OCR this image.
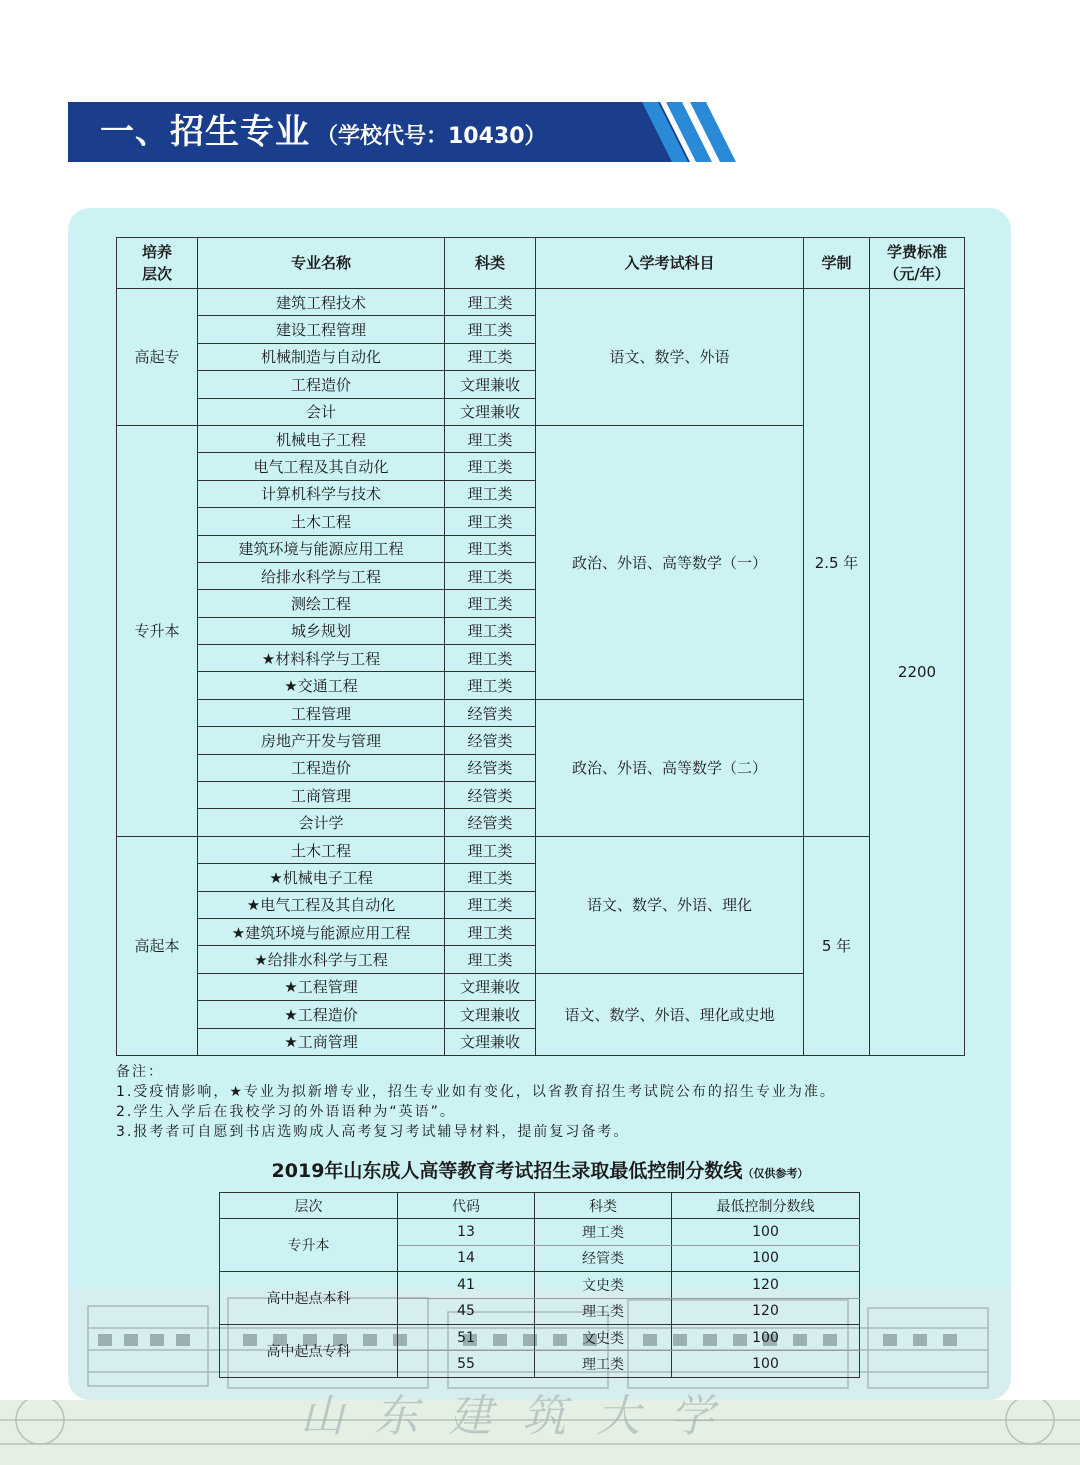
一、招生专业 （学校代号：10430）
山东建筑大学
培养层次	专业名称	科类	入学考试科目	学制	学费标准（元/年）

高起专	建筑工程技术	理工类	语文、数学、外语	2.5 年	2200
	建设工程管理	理工类			
	机械制造与自动化	理工类			
	工程造价	文理兼收			
	会计	文理兼收			
专升本	机械电子工程	理工类	政治、外语、高等数学（一）		
	电气工程及其自动化	理工类			
	计算机科学与技术	理工类			
	土木工程	理工类			
	建筑环境与能源应用工程	理工类			
	给排水科学与工程	理工类			
	测绘工程	理工类			
	城乡规划	理工类			
	★材料科学与工程	理工类			
	★交通工程	理工类			
	工程管理	经管类	政治、外语、高等数学（二）		
	房地产开发与管理	经管类			
	工程造价	经管类			
	工商管理	经管类			
	会计学	经管类			
高起本	土木工程	理工类	语文、数学、外语、理化	5 年	
	★机械电子工程	理工类			
	★电气工程及其自动化	理工类			
	★建筑环境与能源应用工程	理工类			
	★给排水科学与工程	理工类			
	★工程管理	文理兼收	语文、数学、外语、理化或史地		
	★工程造价	文理兼收			
	★工商管理	文理兼收			
备注：
1.受疫情影响，★专业为拟新增专业，招生专业如有变化，以省教育招生考试院公布的招生专业为准。
2.学生入学后在我校学习的外语语种为“英语”。
3.报考者可自愿到书店选购成人高考复习考试辅导材料，提前复习备考。
2019年山东成人高等教育考试招生录取最低控制分数线（仅供参考）
层次	代码	科类	最低控制分数线
专升本	13	理工类	100
	14	经管类	100
高中起点本科	41	文史类	120
	45	理工类	120
高中起点专科	51	文史类	100
	55	理工类	100
